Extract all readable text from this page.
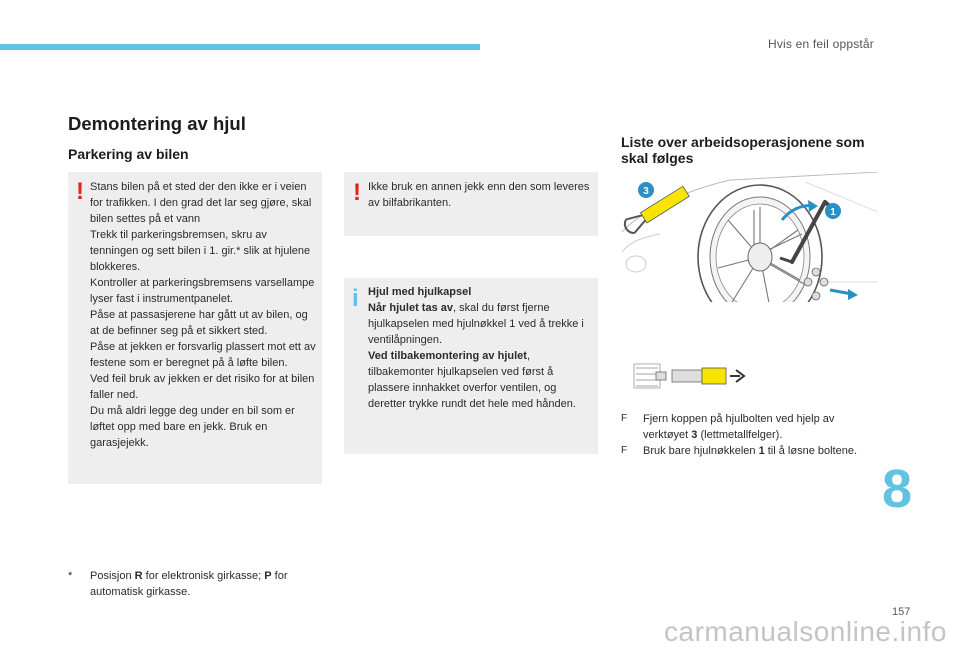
Hvis en feil oppstår
Demontering av hjul
Parkering av bilen
! Stans bilen på et sted der den ikke er i veien for trafikken. I den grad det lar seg gjøre, skal bilen settes på et vann

Trekk til parkeringsbremsen, skru av tenningen og sett bilen i 1. gir.* slik at hjulene blokkeres.

Kontroller at parkeringsbremsens varsellampe lyser fast i instrumentpanelet.

Påse at passasjerene har gått ut av bilen, og at de befinner seg på et sikkert sted.

Påse at jekken er forsvarlig plassert mot ett av festene som er beregnet på å løfte bilen.

Ved feil bruk av jekken er det risiko for at bilen faller ned.

Du må aldri legge deg under en bil som er løftet opp med bare en jekk. Bruk en garasjejekk.

! Ikke bruk en annen jekk enn den som leveres av bilfabrikanten.

i Hjul med hjulkapsel

Når hjulet tas av, skal du først fjerne hjulkapselen med hjulnøkkel 1 ved å trekke i ventilåpningen.

Ved tilbakemontering av hjulet, tilbakemonter hjulkapselen ved først å plassere innhakket overfor ventilen, og deretter trykke rundt det hele med hånden.

* Posisjon R for elektronisk girkasse; P for automatisk girkasse.
Liste over arbeidsoperasjonene som skal følges
3
1
F Fjern koppen på hjulbolten ved hjelp av verktøyet 3 (lettmetallfelger).
F Bruk bare hjulnøkkelen 1 til å løsne boltene.
8
157
carmanualsonline.info
